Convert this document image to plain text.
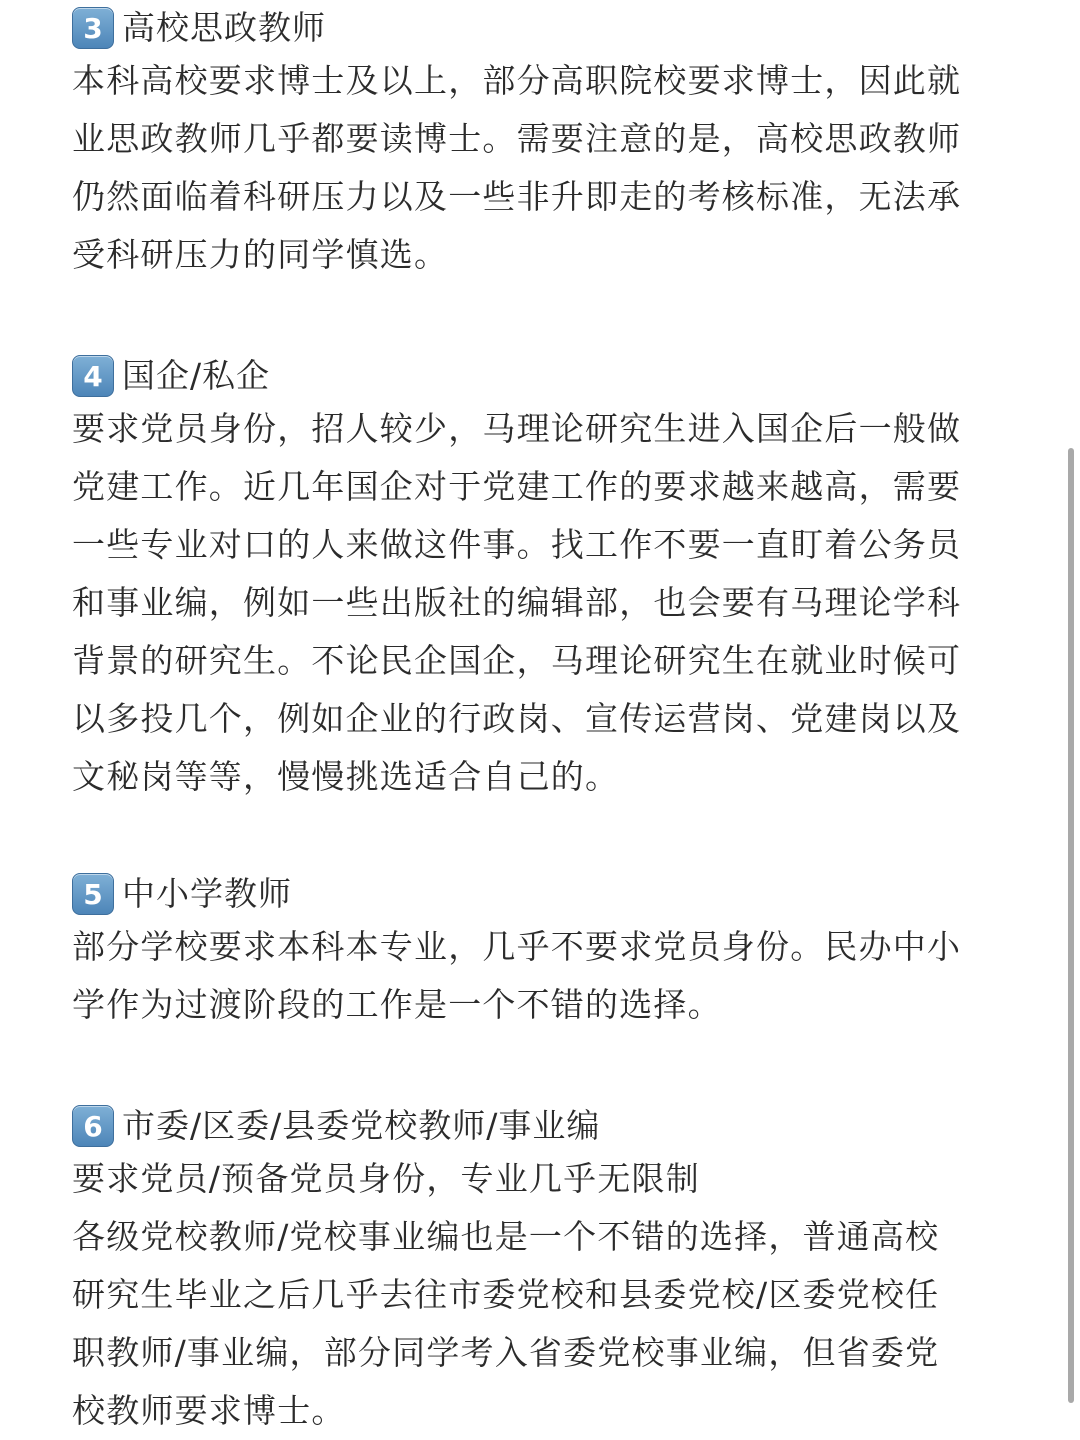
3 高校思政教师
本科高校要求博士及以上，部分高职院校要求博士，因此就
业思政教师几乎都要读博士。需要注意的是，高校思政教师
仍然面临着科研压力以及一些非升即走的考核标准，无法承
受科研压力的同学慎选。
4 国企/私企
要求党员身份，招人较少，马理论研究生进入国企后一般做
党建工作。近几年国企对于党建工作的要求越来越高，需要
一些专业对口的人来做这件事。找工作不要一直盯着公务员
和事业编，例如一些出版社的编辑部，也会要有马理论学科
背景的研究生。不论民企国企，马理论研究生在就业时候可
以多投几个，例如企业的行政岗、宣传运营岗、党建岗以及
文秘岗等等，慢慢挑选适合自己的。
5 中小学教师
部分学校要求本科本专业，几乎不要求党员身份。民办中小
学作为过渡阶段的工作是一个不错的选择。
6 市委/区委/县委党校教师/事业编
要求党员/预备党员身份，专业几乎无限制
各级党校教师/党校事业编也是一个不错的选择，普通高校
研究生毕业之后几乎去往市委党校和县委党校/区委党校任
职教师/事业编，部分同学考入省委党校事业编，但省委党
校教师要求博士。
